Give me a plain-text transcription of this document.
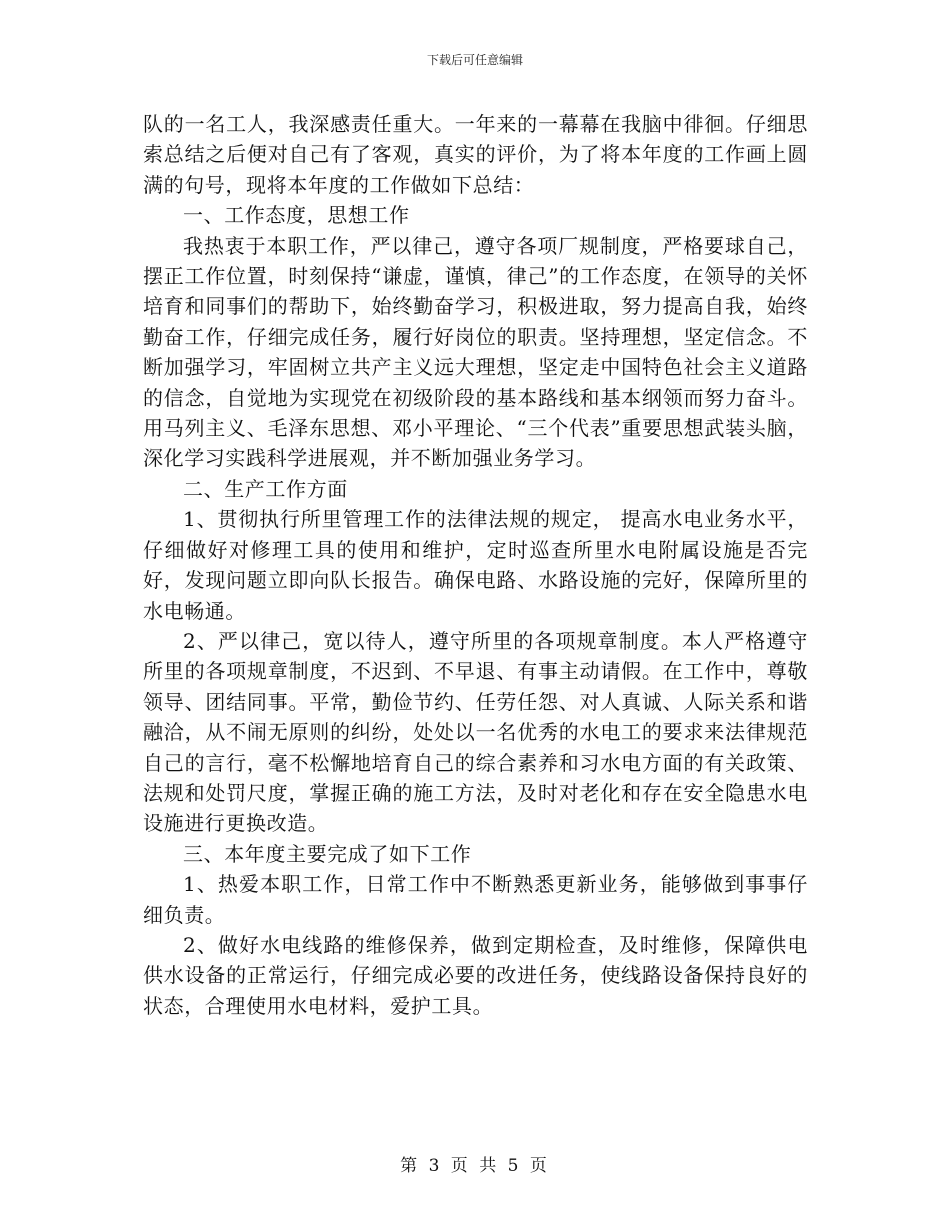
下载后可任意编辑

队的一名工人，我深感责任重大。一年来的一幕幕在我脑中徘徊。仔细思索总结之后便对自己有了客观，真实的评价，为了将本年度的工作画上圆满的句号，现将本年度的工作做如下总结：

一、工作态度，思想工作

我热衷于本职工作，严以律己，遵守各项厂规制度，严格要球自己，摆正工作位置，时刻保持“谦虚，谨慎，律己”的工作态度，在领导的关怀培育和同事们的帮助下，始终勤奋学习，积极进取，努力提高自我，始终勤奋工作，仔细完成任务，履行好岗位的职责。坚持理想，坚定信念。不断加强学习，牢固树立共产主义远大理想，坚定走中国特色社会主义道路的信念，自觉地为实现党在初级阶段的基本路线和基本纲领而努力奋斗。用马列主义、毛泽东思想、邓小平理论、“三个代表”重要思想武装头脑，深化学习实践科学进展观，并不断加强业务学习。

二、生产工作方面

1、贯彻执行所里管理工作的法律法规的规定， 提高水电业务水平，仔细做好对修理工具的使用和维护，定时巡查所里水电附属设施是否完好，发现问题立即向队长报告。确保电路、水路设施的完好，保障所里的水电畅通。

2、严以律己，宽以待人，遵守所里的各项规章制度。本人严格遵守所里的各项规章制度，不迟到、不早退、有事主动请假。在工作中，尊敬领导、团结同事。平常，勤俭节约、任劳任怨、对人真诚、人际关系和谐融洽，从不闹无原则的纠纷，处处以一名优秀的水电工的要求来法律规范自己的言行，毫不松懈地培育自己的综合素养和习水电方面的有关政策、法规和处罚尺度，掌握正确的施工方法，及时对老化和存在安全隐患水电设施进行更换改造。

三、本年度主要完成了如下工作

1、热爱本职工作，日常工作中不断熟悉更新业务，能够做到事事仔细负责。

2、做好水电线路的维修保养，做到定期检查，及时维修，保障供电供水设备的正常运行，仔细完成必要的改进任务，使线路设备保持良好的状态，合理使用水电材料，爱护工具。

第 3 页 共 5 页
